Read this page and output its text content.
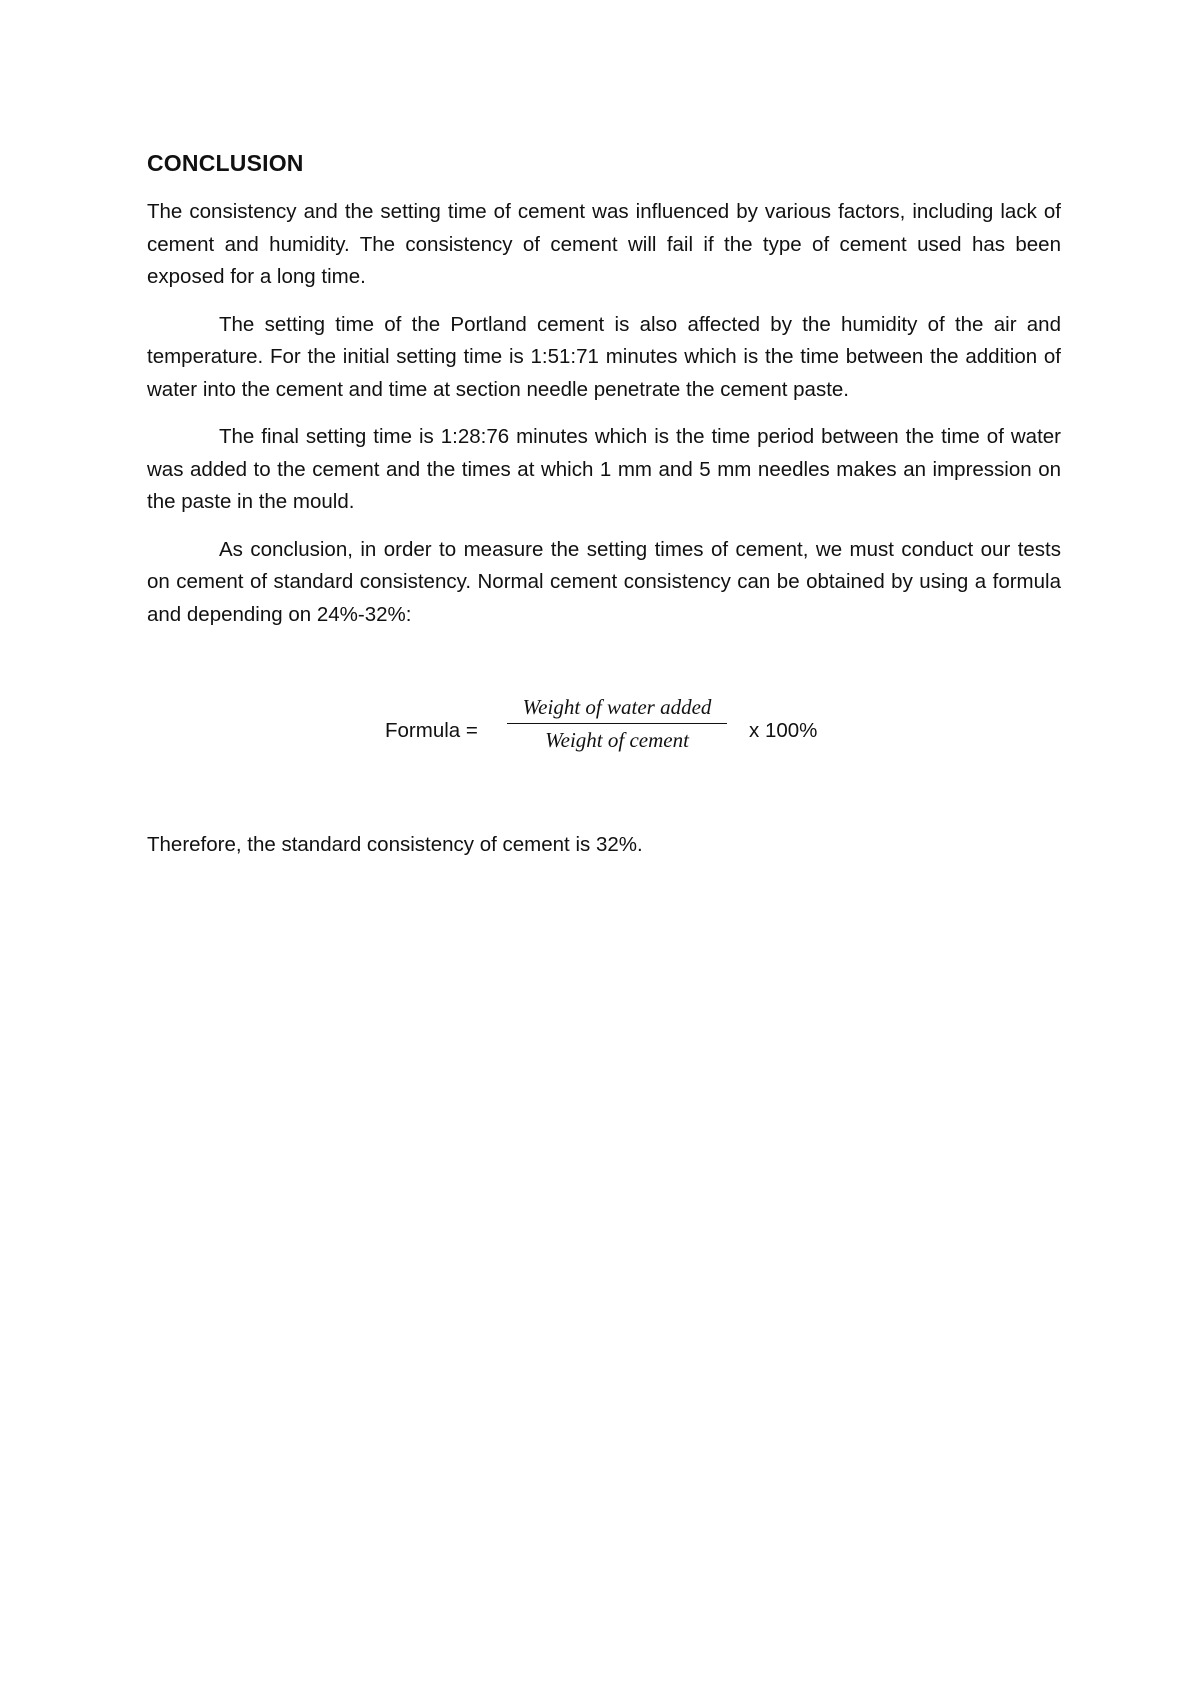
CONCLUSION

The consistency and the setting time of cement was influenced by various factors, including lack of cement and humidity. The consistency of cement will fail if the type of cement used has been exposed for a long time.

The setting time of the Portland cement is also affected by the humidity of the air and temperature. For the initial setting time is 1:51:71 minutes which is the time between the addition of water into the cement and time at section needle penetrate the cement paste.

The final setting time is 1:28:76 minutes which is the time period between the time of water was added to the cement and the times at which 1 mm and 5 mm needles makes an impression on the paste in the mould.

As conclusion, in order to measure the setting times of cement, we must conduct our tests on cement of standard consistency. Normal cement consistency can be obtained by using a formula and depending on 24%-32%:

Formula =
Weight of water added
Weight of cement	x 100%
Therefore, the standard consistency of cement is 32%.
